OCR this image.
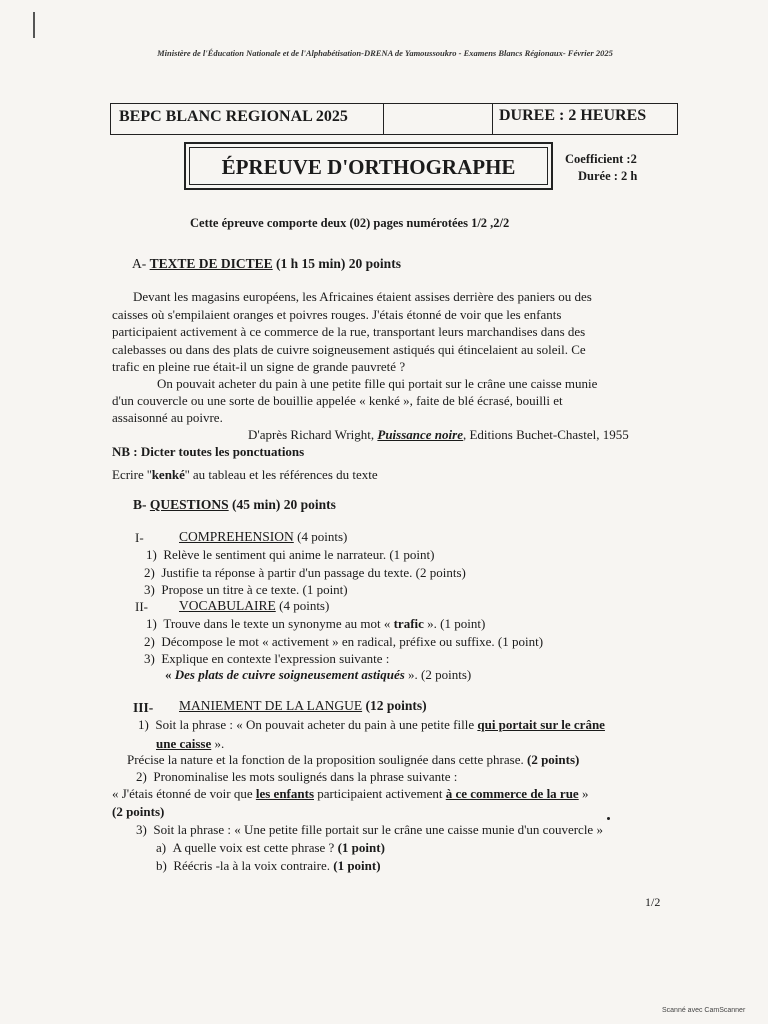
Ministère de l'Éducation Nationale et de l'Alphabétisation-DRENA de Yamoussoukro - Examens Blancs Régionaux- Février 2025
BEPC BLANC REGIONAL 2025	DUREE : 2 HEURES
ÉPREUVE D'ORTHOGRAPHE	Coefficient :2
Durée : 2 h
Cette épreuve comporte deux (02) pages numérotées 1/2 ,2/2
A- TEXTE DE DICTEE (1 h 15 min) 20 points
Devant les magasins européens, les Africaines étaient assises derrière des paniers ou des
caisses où s'empilaient oranges et poivres rouges. J'étais étonné de voir que les enfants
participaient activement à ce commerce de la rue, transportant leurs marchandises dans des
calebasses ou dans des plats de cuivre soigneusement astiqués qui étincelaient au soleil. Ce
trafic en pleine rue était-il un signe de grande pauvreté ?
On pouvait acheter du pain à une petite fille qui portait sur le crâne une caisse munie
d'un couvercle ou une sorte de bouillie appelée « kenké », faite de blé écrasé, bouilli et
assaisonné au poivre.
D'après Richard Wright, Puissance noire, Editions Buchet-Chastel, 1955
NB : Dicter toutes les ponctuations
Ecrire ''kenké'' au tableau et les références du texte
B- QUESTIONS (45 min) 20 points
I-	COMPREHENSION (4 points)
1) Relève le sentiment qui anime le narrateur. (1 point)
2) Justifie ta réponse à partir d'un passage du texte. (2 points)
3) Propose un titre à ce texte. (1 point)
II- VOCABULAIRE (4 points)
1) Trouve dans le texte un synonyme au mot « trafic ». (1 point)
2) Décompose le mot « activement » en radical, préfixe ou suffixe. (1 point)
3) Explique en contexte l'expression suivante :
« Des plats de cuivre soigneusement astiqués ». (2 points)
III- MANIEMENT DE LA LANGUE (12 points)
1) Soit la phrase : « On pouvait acheter du pain à une petite fille qui portait sur le crâne
une caisse ».
Précise la nature et la fonction de la proposition soulignée dans cette phrase. (2 points)
2) Pronominalise les mots soulignés dans la phrase suivante :
« J'étais étonné de voir que les enfants participaient activement à ce commerce de la rue »
(2 points)
3) Soit la phrase : « Une petite fille portait sur le crâne une caisse munie d'un couvercle »
a) A quelle voix est cette phrase ? (1 point)
b) Réécris -la à la voix contraire. (1 point)
1/2
Scanné avec CamScanner
